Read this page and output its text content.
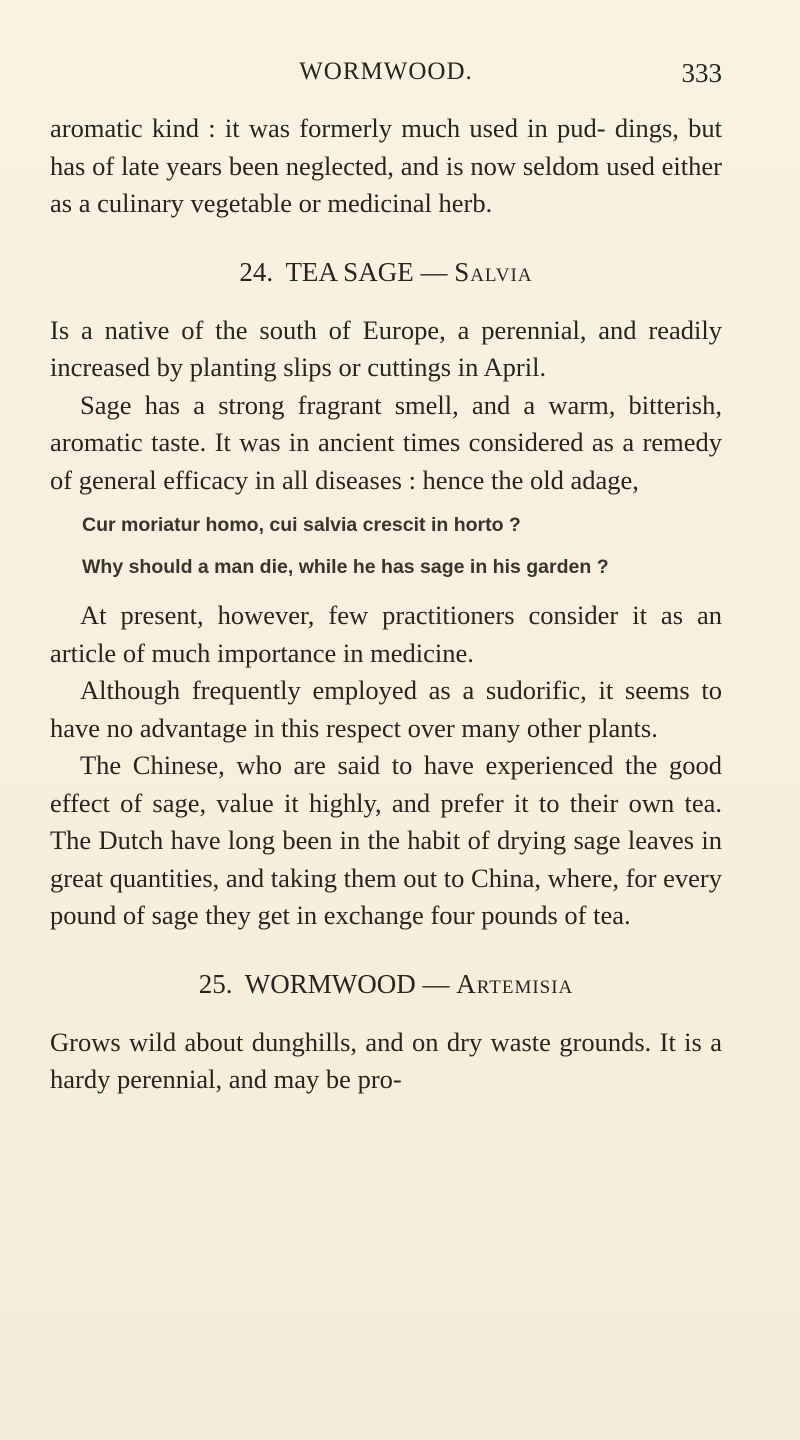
WORMWOOD.	333

aromatic kind : it was formerly much used in pud- dings, but has of late years been neglected, and is now seldom used either as a culinary vegetable or medicinal herb.

24. TEA SAGE — Salvia

Is a native of the south of Europe, a perennial, and readily increased by planting slips or cuttings in April.

Sage has a strong fragrant smell, and a warm, bitterish, aromatic taste. It was in ancient times considered as a remedy of general efficacy in all diseases : hence the old adage,

Cur moriatur homo, cui salvia crescit in horto ?

Why should a man die, while he has sage in his garden ?

At present, however, few practitioners consider it as an article of much importance in medicine.

Although frequently employed as a sudorific, it seems to have no advantage in this respect over many other plants.

The Chinese, who are said to have experienced the good effect of sage, value it highly, and prefer it to their own tea. The Dutch have long been in the habit of drying sage leaves in great quantities, and taking them out to China, where, for every pound of sage they get in exchange four pounds of tea.

25. WORMWOOD — Artemisia

Grows wild about dunghills, and on dry waste grounds. It is a hardy perennial, and may be pro-
